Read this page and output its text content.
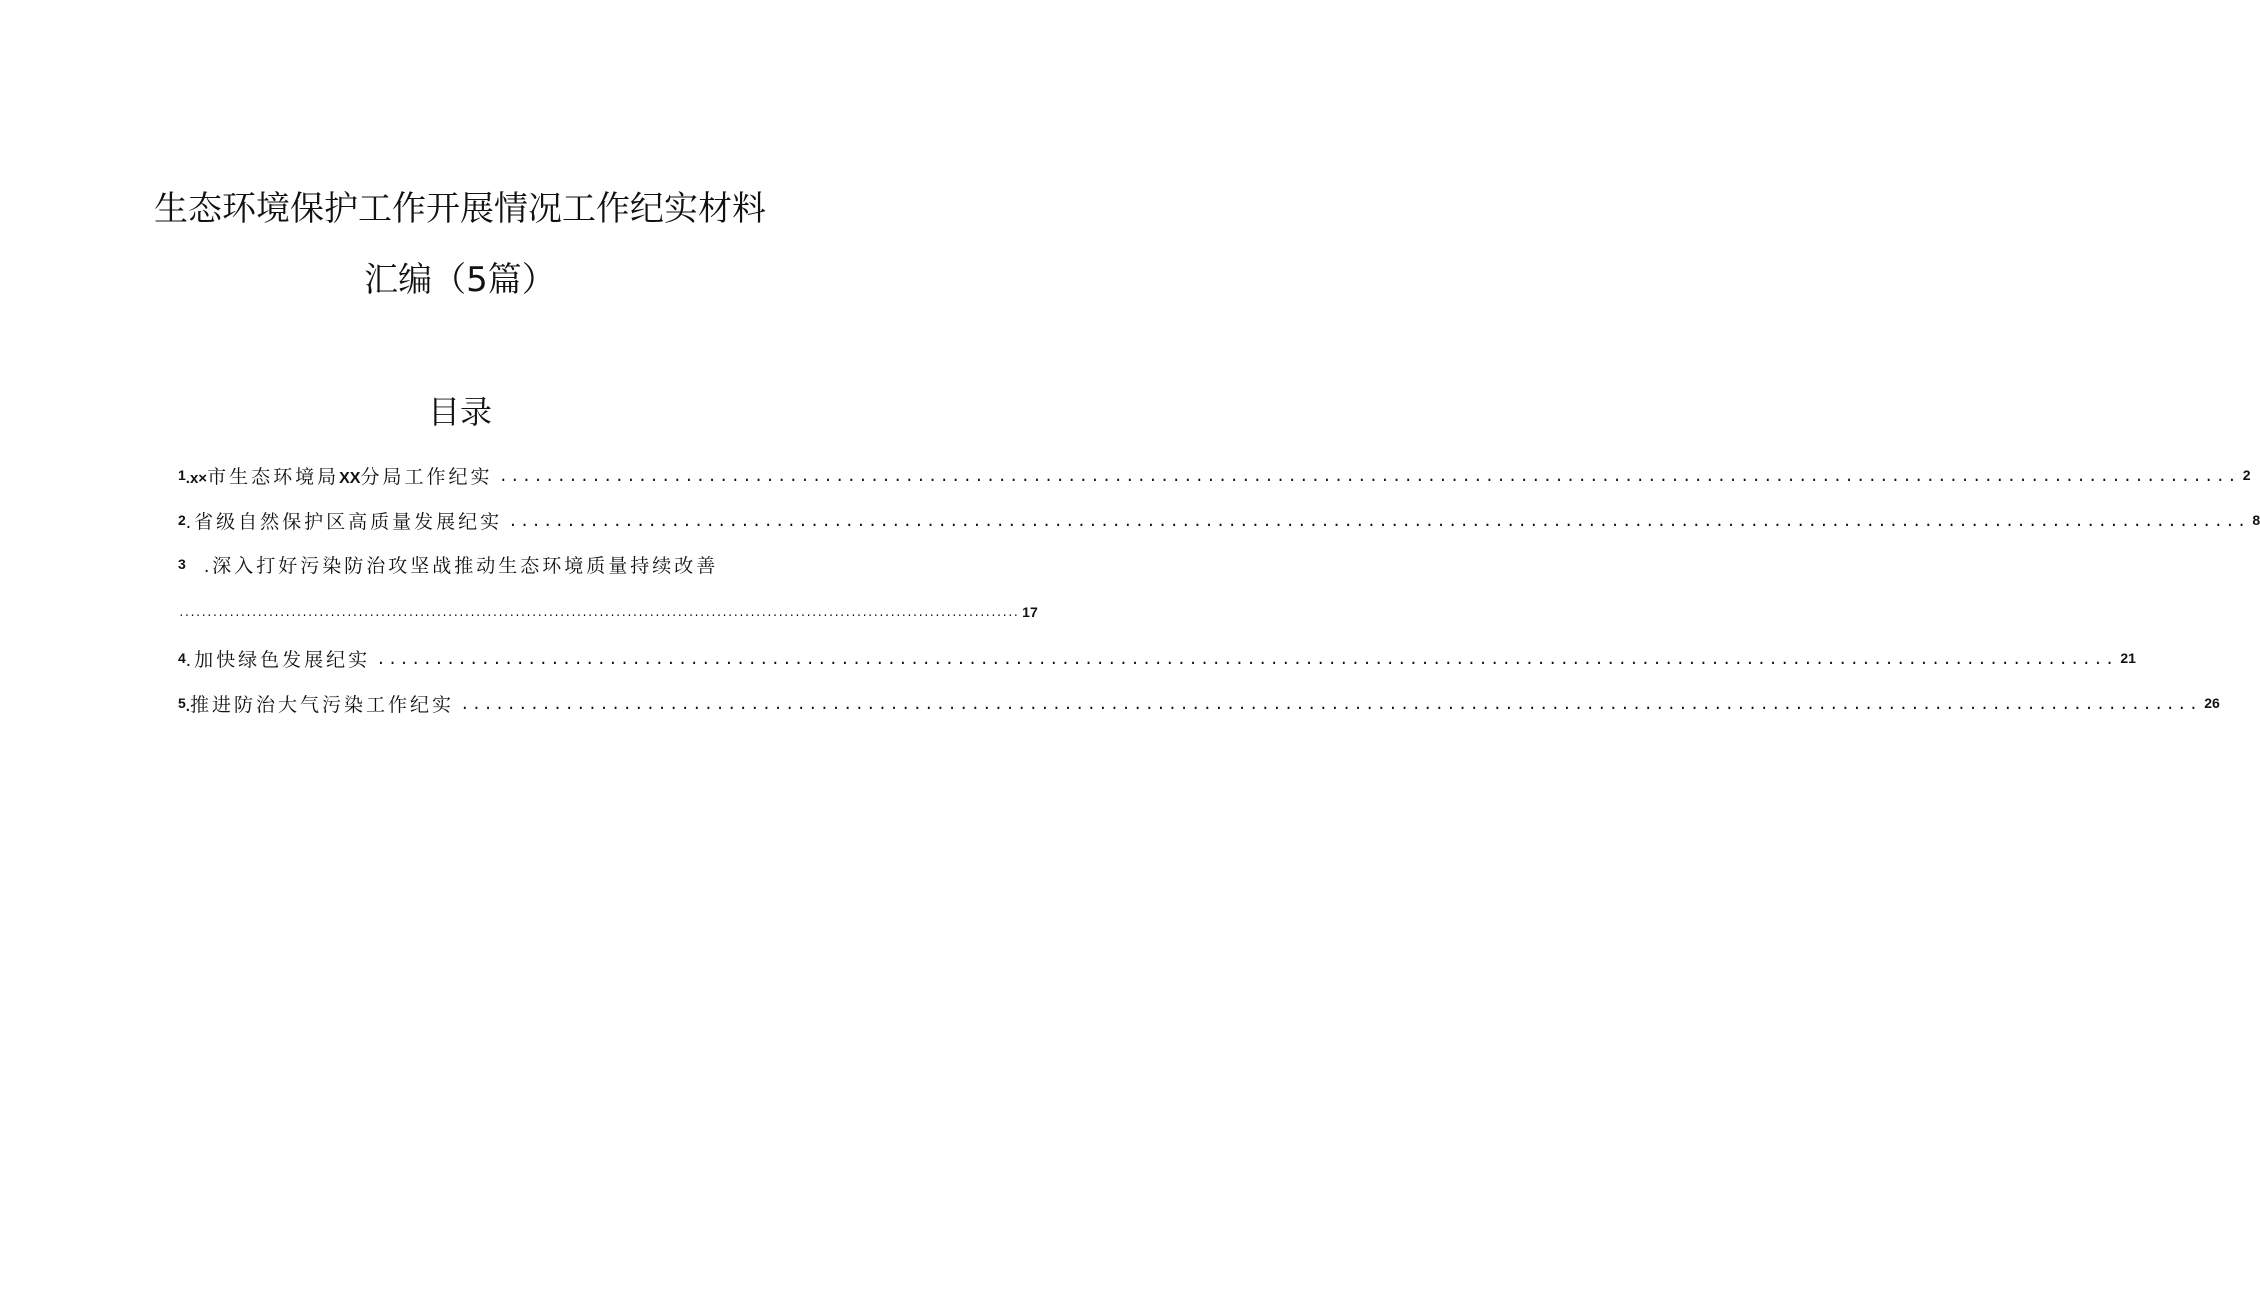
生态环境保护工作开展情况工作纪实材料
汇编（5篇）
目录
1 .x×市生态环境局XX分局工作纪实 ...................................................................................................................................................... 2
2 .省级自然保护区高质量发展纪实 ...................................................................................................................................................... 8
3 .深入打好污染防治攻坚战推动生态环境质量持续改善
...................................................................................................................................................... 17
4 .加快绿色发展纪实 ...................................................................................................................................................... 21
5 .推进防治大气污染工作纪实 ...................................................................................................................................................... 26
